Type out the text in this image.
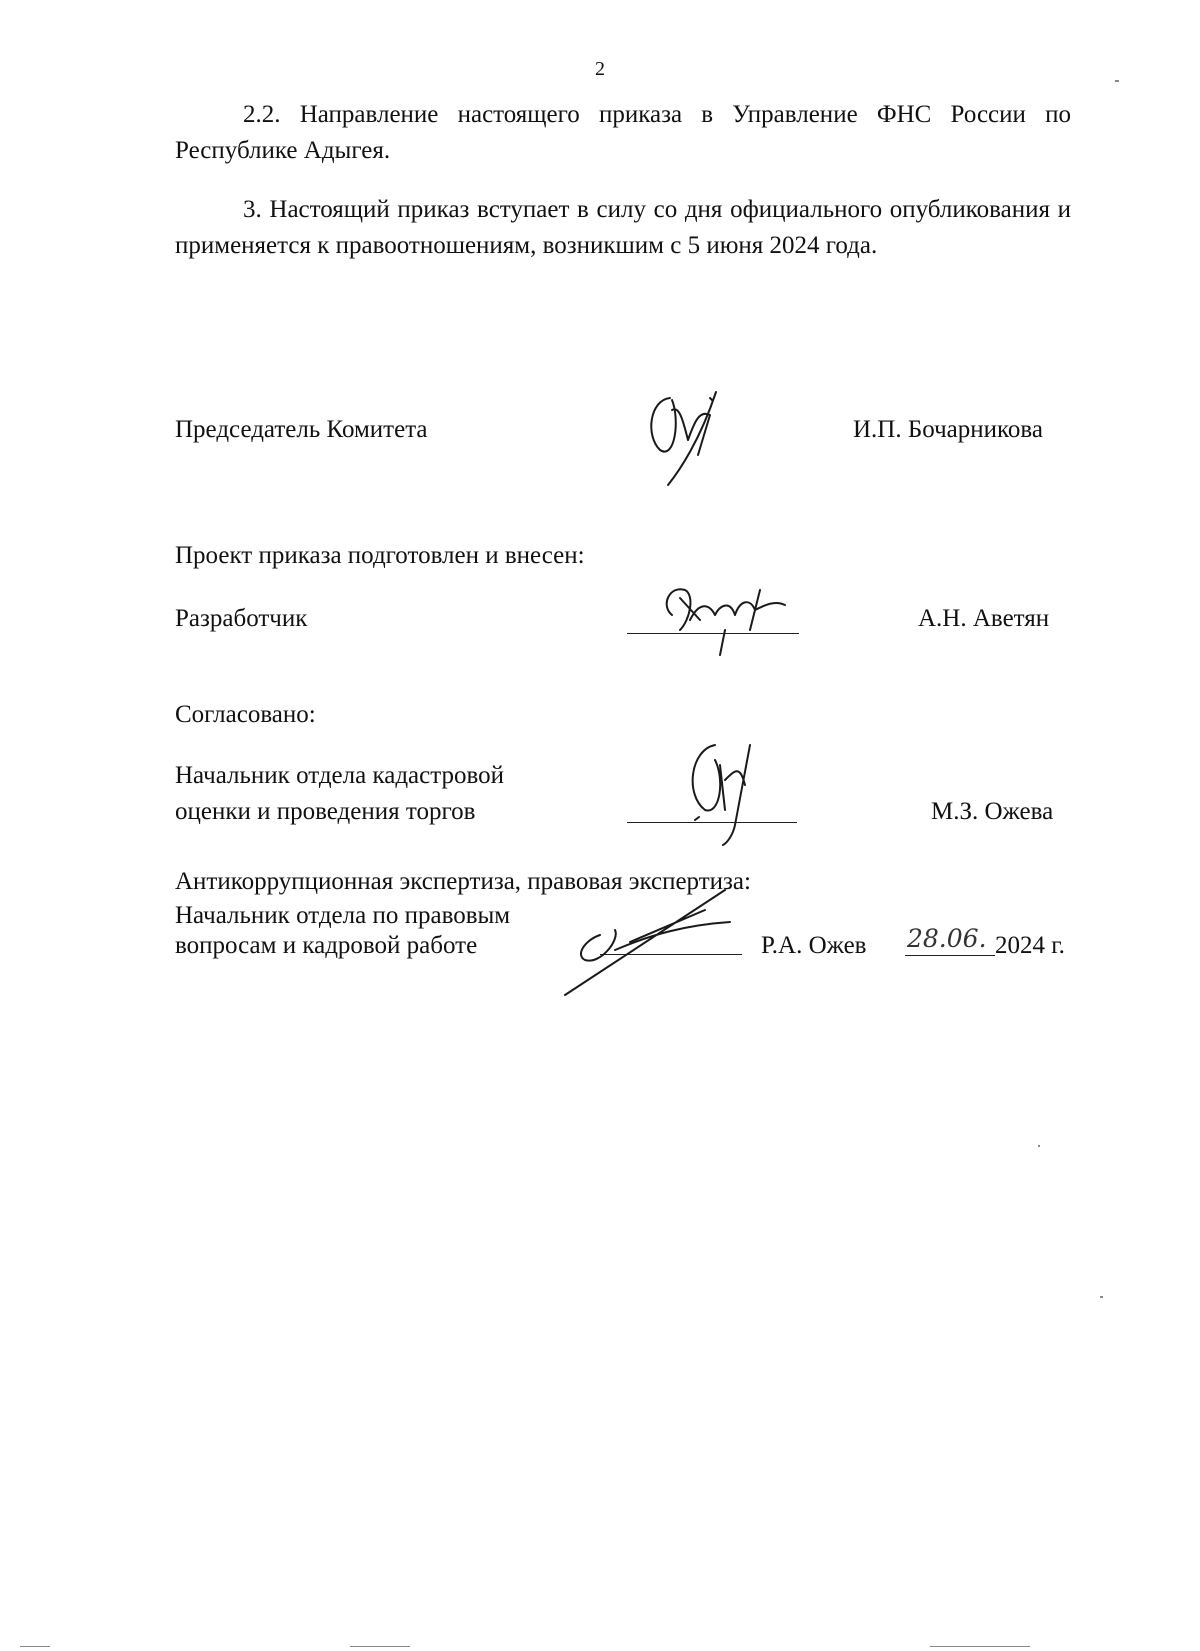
2
2.2. Направление настоящего приказа в Управление ФНС России по Республике Адыгея.
3. Настоящий приказ вступает в силу со дня официального опубликования и применяется к правоотношениям, возникшим с 5 июня 2024 года.
Председатель Комитета	И.П. Бочарникова
Проект приказа подготовлен и внесен:
Разработчик	А.Н. Аветян
Согласовано:
Начальник отдела кадастровой
оценки и проведения торгов	М.З. Ожева
Антикоррупционная экспертиза, правовая экспертиза:
Начальник отдела по правовым
вопросам и кадровой работе	Р.А. Ожев 28.06. 2024 г.
